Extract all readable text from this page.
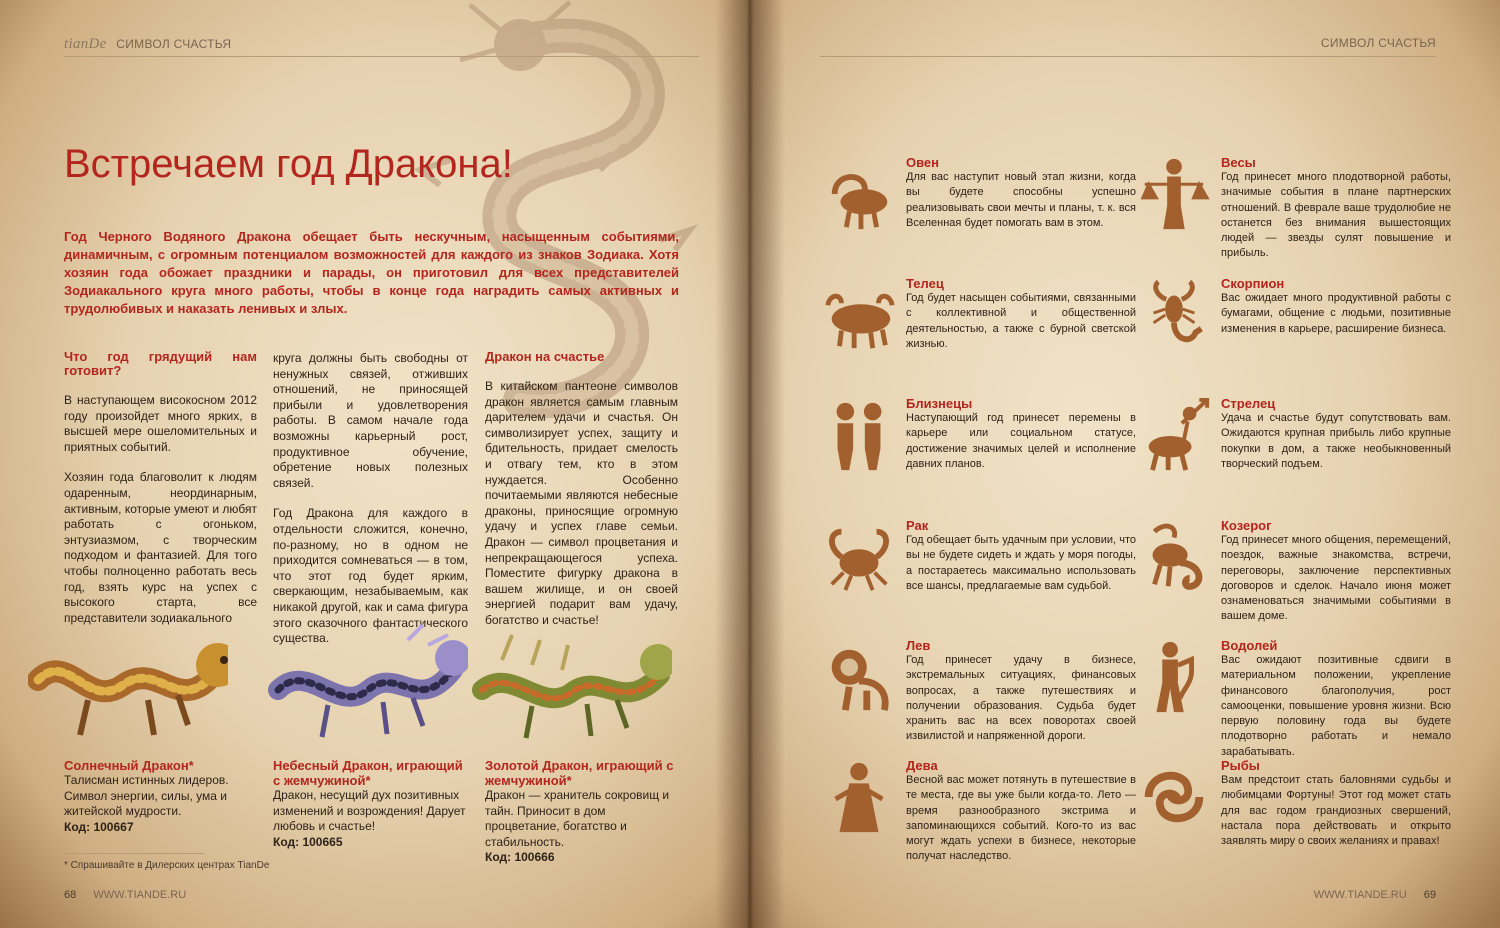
tianDe СИМВОЛ СЧАСТЬЯ
Встречаем год Дракона!

Год Черного Водяного Дракона обещает быть нескучным, насыщенным событиями, динамичным, с огромным потенциалом возможностей для каждого из знаков Зодиака. Хотя хозяин года обожает праздники и парады, он приготовил для всех представителей Зодиакального круга много работы, чтобы в конце года наградить самых активных и трудолюбивых и наказать ленивых и злых.

Что год грядущий нам готовит?

В наступающем високосном 2012 году произойдет много ярких, в высшей мере ошеломительных и приятных событий.

Хозяин года благоволит к людям одаренным, неординарным, активным, которые умеют и любят работать с огоньком, энтузиазмом, с творческим подходом и фантазией. Для того чтобы полноценно работать весь год, взять курс на успех с высокого старта, все представители зодиакального

круга должны быть свободны от ненужных связей, отживших отношений, не приносящей прибыли и удовлетворения работы. В самом начале года возможны карьерный рост, продуктивное обучение, обретение новых полезных связей.

Год Дракона для каждого в отдельности сложится, конечно, по-разному, но в одном не приходится сомневаться — в том, что этот год будет ярким, сверкающим, незабываемым, как никакой другой, как и сама фигура этого сказочного фантастического существа.

Дракон на счастье

В китайском пантеоне символов дракон является самым главным дарителем удачи и счастья. Он символизирует успех, защиту и бдительность, придает смелость и отвагу тем, кто в этом нуждается. Особенно почитаемыми являются небесные драконы, приносящие огромную удачу и успех главе семьи. Дракон — символ процветания и непрекращающегося успеха. Поместите фигурку дракона в вашем жилище, и он своей энергией подарит вам удачу, богатство и счастье!

Солнечный Дракон*
Талисман истинных лидеров. Символ энергии, силы, ума и житейской мудрости.
Код: 100667
Небесный Дракон, играющий с жемчужиной*
Дракон, несущий дух позитивных изменений и возрождения! Дарует любовь и счастье!
Код: 100665
Золотой Дракон, играющий с жемчужиной*
Дракон — хранитель сокровищ и тайн. Приносит в дом процветание, богатство и стабильность.
Код: 100666
* Спрашивайте в Дилерских центрах TianDe
68 WWW.TIANDE.RU
СИМВОЛ СЧАСТЬЯ

Овен

Для вас наступит новый этап жизни, когда вы будете способны успешно реализовывать свои мечты и планы, т. к. вся Вселенная будет помогать вам в этом.

Телец

Год будет насыщен событиями, связанными с коллективной и общественной деятельностью, а также с бурной светской жизнью.

Близнецы

Наступающий год принесет перемены в карьере или социальном статусе, достижение значимых целей и исполнение давних планов.

Рак

Год обещает быть удачным при условии, что вы не будете сидеть и ждать у моря погоды, а постараетесь максимально использовать все шансы, предлагаемые вам судьбой.

Лев

Год принесет удачу в бизнесе, экстремальных ситуациях, финансовых вопросах, а также путешествиях и получении образования. Судьба будет хранить вас на всех поворотах своей извилистой и напряженной дороги.

Дева

Весной вас может потянуть в путешествие в те места, где вы уже были когда-то. Лето — время разнообразного экстрима и запоминающихся событий. Кого-то из вас могут ждать успехи в бизнесе, некоторые получат наследство.

Весы

Год принесет много плодотворной работы, значимые события в плане партнерских отношений. В феврале ваше трудолюбие не останется без внимания вышестоящих людей — звезды сулят повышение и прибыль.

Скорпион

Вас ожидает много продуктивной работы с бумагами, общение с людьми, позитивные изменения в карьере, расширение бизнеса.

Стрелец

Удача и счастье будут сопутствовать вам. Ожидаются крупная прибыль либо крупные покупки в дом, а также необыкновенный творческий подъем.

Козерог

Год принесет много общения, перемещений, поездок, важные знакомства, встречи, переговоры, заключение перспективных договоров и сделок. Начало июня может ознаменоваться значимыми событиями в вашем доме.

Водолей

Вас ожидают позитивные сдвиги в материальном положении, укрепление финансового благополучия, рост самооценки, повышение уровня жизни. Всю первую половину года вы будете плодотворно работать и немало зарабатывать.

Рыбы

Вам предстоит стать баловнями судьбы и любимцами Фортуны! Этот год может стать для вас годом грандиозных свершений, настала пора действовать и открыто заявлять миру о своих желаниях и правах!

WWW.TIANDE.RU 69
